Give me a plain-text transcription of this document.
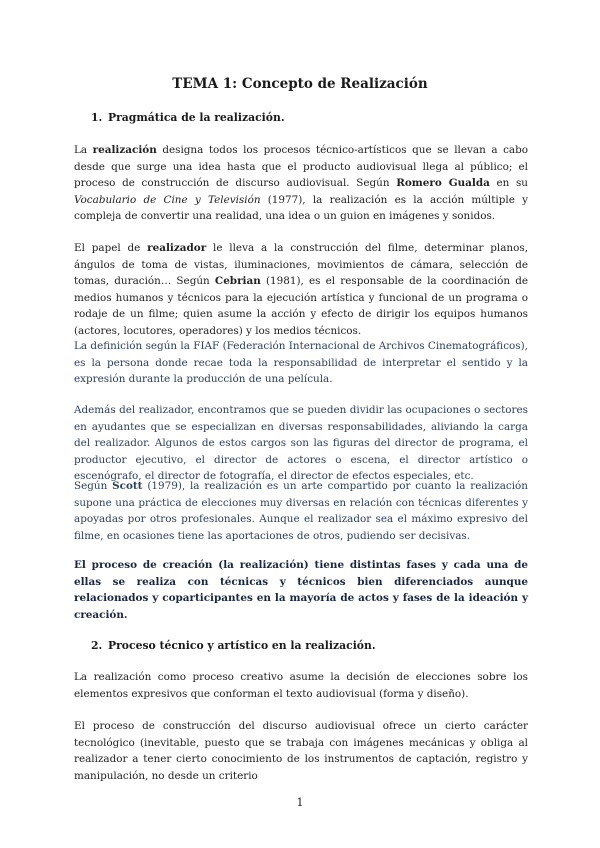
TEMA 1: Concepto de Realización
1. Pragmática de la realización.

La realización designa todos los procesos técnico-artísticos que se llevan a cabo desde que surge una idea hasta que el producto audiovisual llega al público; el proceso de construcción de discurso audiovisual. Según Romero Gualda en su Vocabulario de Cine y Televisión (1977), la realización es la acción múltiple y compleja de convertir una realidad, una idea o un guion en imágenes y sonidos.

El papel de realizador le lleva a la construcción del filme, determinar planos, ángulos de toma de vistas, iluminaciones, movimientos de cámara, selección de tomas, duración… Según Cebrian (1981), es el responsable de la coordinación de medios humanos y técnicos para la ejecución artística y funcional de un programa o rodaje de un filme; quien asume la acción y efecto de dirigir los equipos humanos (actores, locutores, operadores) y los medios técnicos.

La definición según la FIAF (Federación Internacional de Archivos Cinematográficos), es la persona donde recae toda la responsabilidad de interpretar el sentido y la expresión durante la producción de una película.

Además del realizador, encontramos que se pueden dividir las ocupaciones o sectores en ayudantes que se especializan en diversas responsabilidades, aliviando la carga del realizador. Algunos de estos cargos son las figuras del director de programa, el productor ejecutivo, el director de actores o escena, el director artístico o escenógrafo, el director de fotografía, el director de efectos especiales, etc.

Según Scott (1979), la realización es un arte compartido por cuanto la realización supone una práctica de elecciones muy diversas en relación con técnicas diferentes y apoyadas por otros profesionales. Aunque el realizador sea el máximo expresivo del filme, en ocasiones tiene las aportaciones de otros, pudiendo ser decisivas.

El proceso de creación (la realización) tiene distintas fases y cada una de ellas se realiza con técnicas y técnicos bien diferenciados aunque relacionados y coparticipantes en la mayoría de actos y fases de la ideación y creación.

2. Proceso técnico y artístico en la realización.

La realización como proceso creativo asume la decisión de elecciones sobre los elementos expresivos que conforman el texto audiovisual (forma y diseño).

El proceso de construcción del discurso audiovisual ofrece un cierto carácter tecnológico (inevitable, puesto que se trabaja con imágenes mecánicas y obliga al realizador a tener cierto conocimiento de los instrumentos de captación, registro y manipulación, no desde un criterio

1
